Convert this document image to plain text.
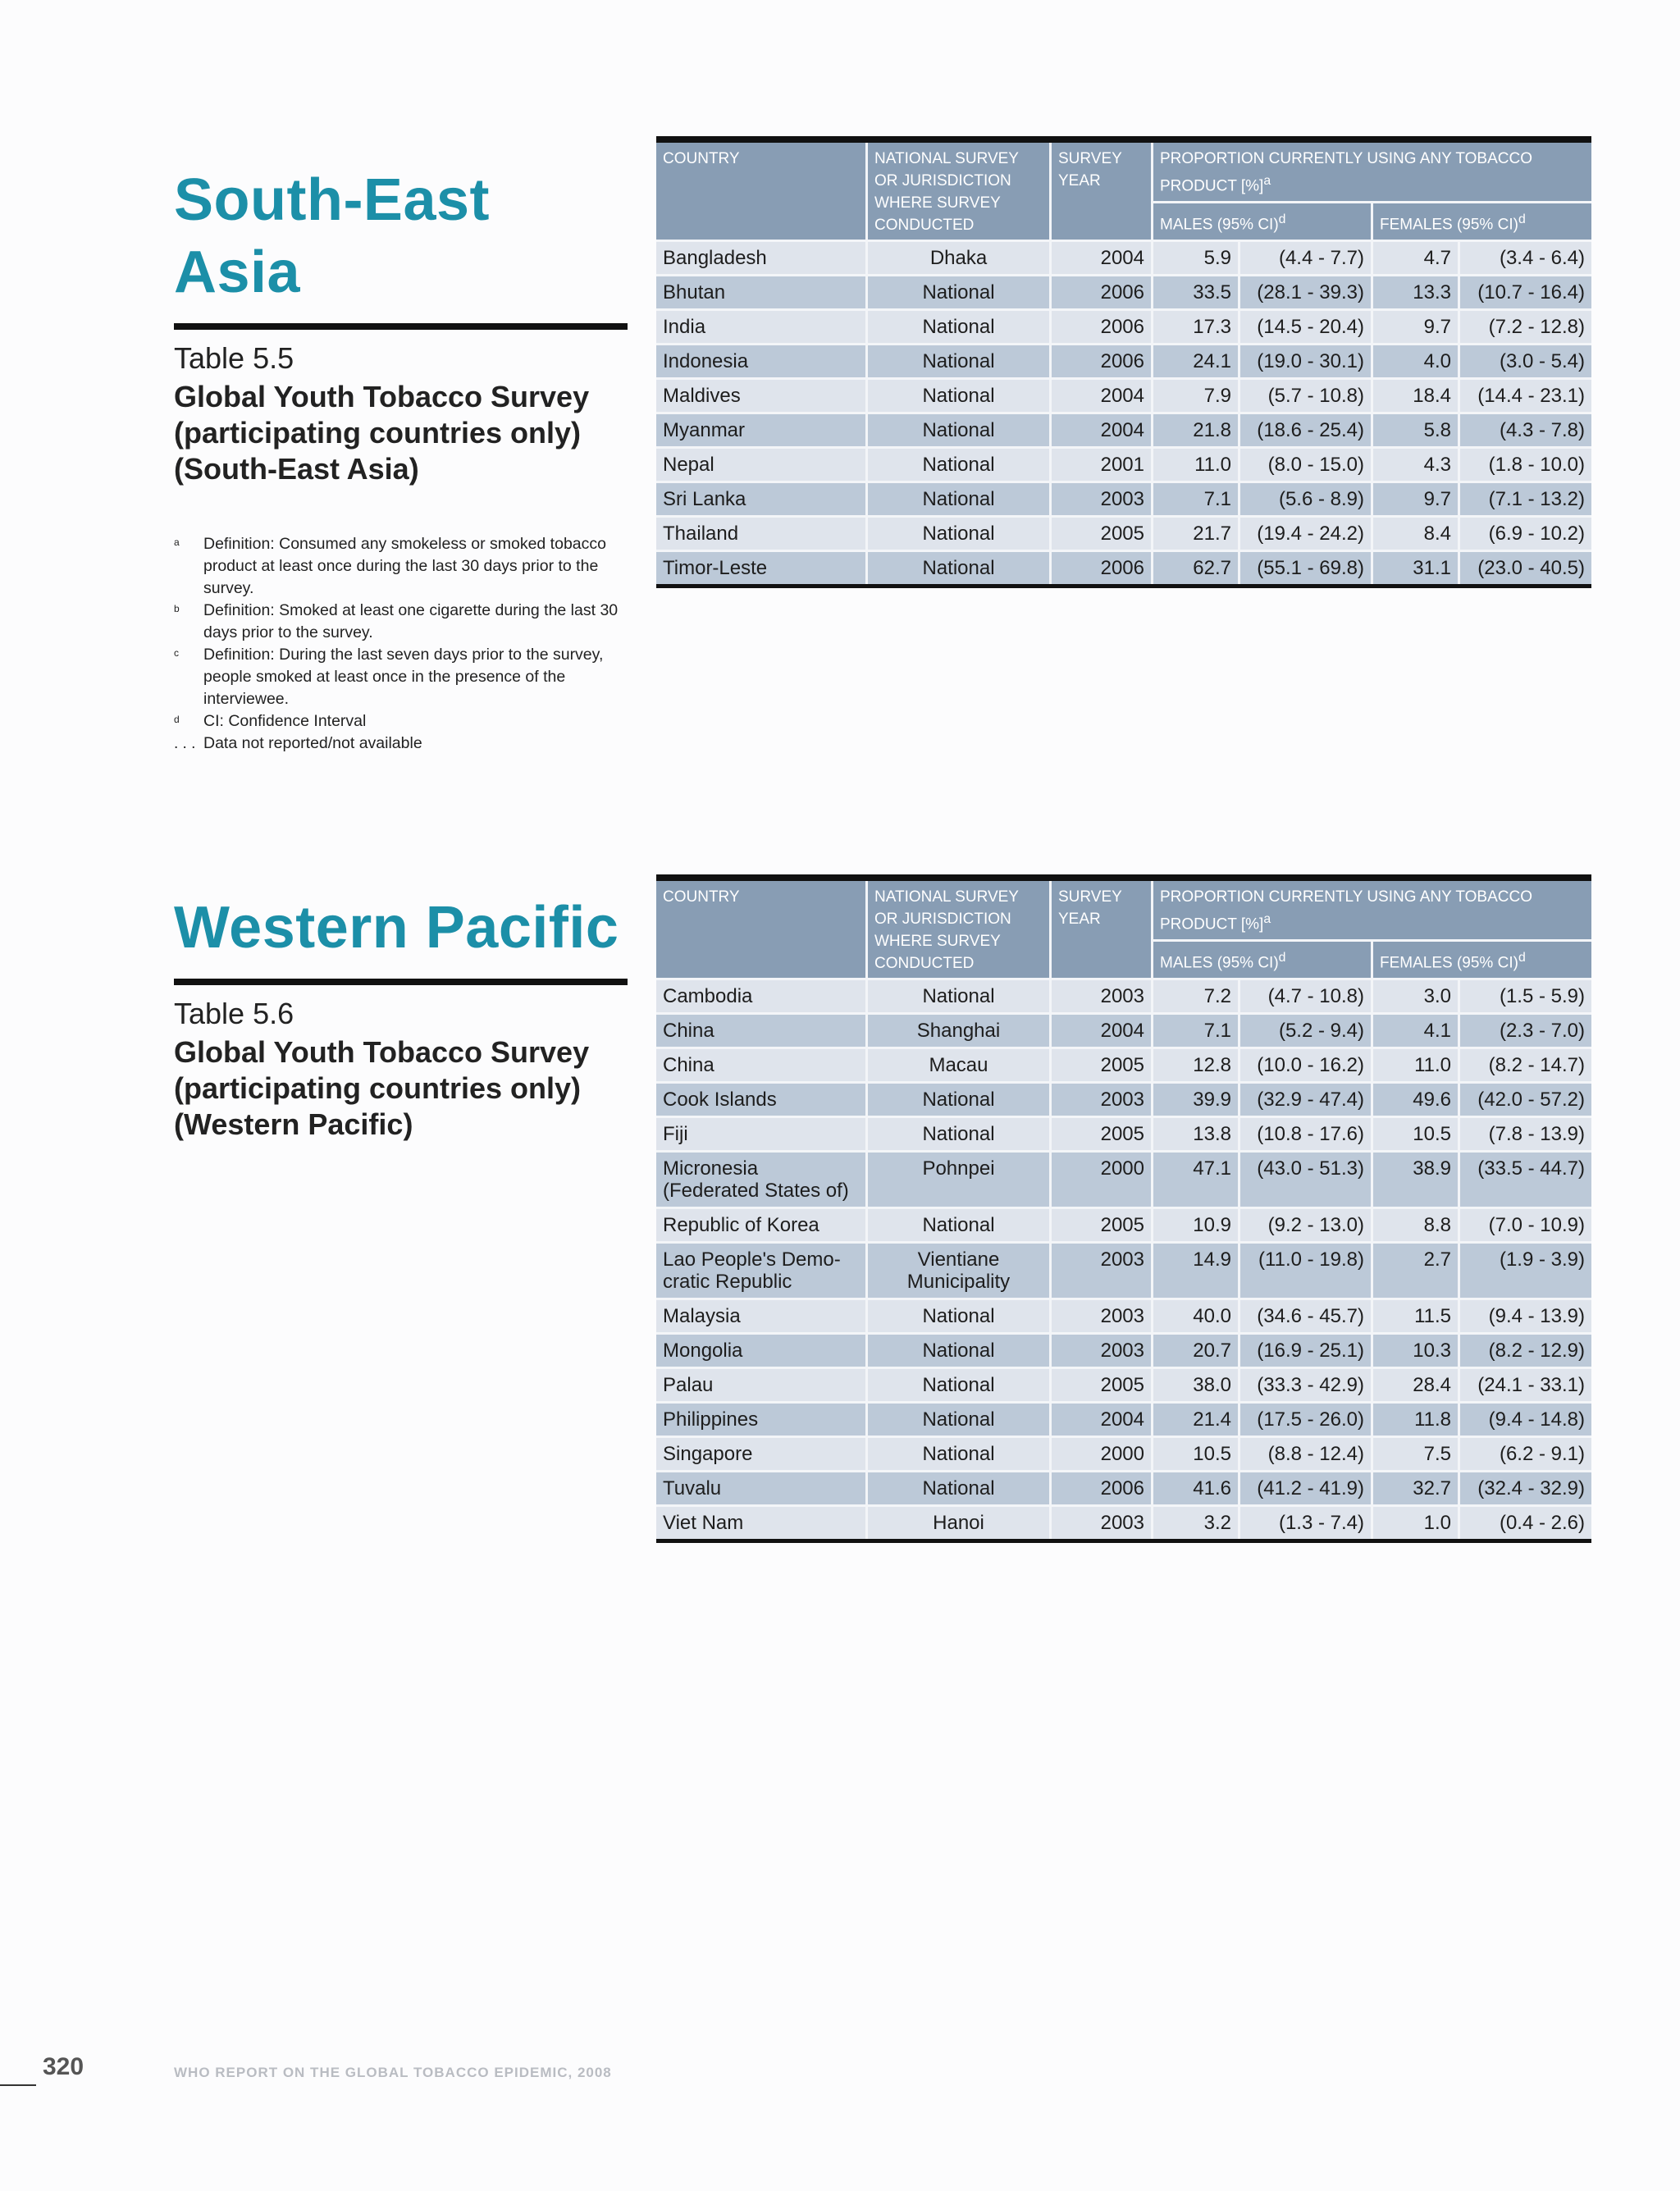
South-East
Asia
Table 5.5
Global Youth Tobacco Survey
(participating countries only)
(South-East Asia)
a	Definition: Consumed any smokeless or smoked tobacco product at least once during the last 30 days prior to the survey.
b	Definition: Smoked at least one cigarette during the last 30 days prior to the survey.
c	Definition: During the last seven days prior to the survey, people smoked at least once in the presence of the interviewee.
d	CI: Confidence Interval
. . . Data not reported/not available
COUNTRY	NATIONAL SURVEY OR JURISDICTION WHERE SURVEY CONDUCTED	SURVEY YEAR	PROPORTION CURRENTLY USING ANY TOBACCO PRODUCT [%]$^a$
			MALES (95% CI)$^d$		FEMALES (95% CI)$^d$
Bangladesh	Dhaka	2004	5.9	(4.4 - 7.7)	4.7	(3.4 - 6.4)
Bhutan	National	2006	33.5	(28.1 - 39.3)	13.3	(10.7 - 16.4)
India	National	2006	17.3	(14.5 - 20.4)	9.7	(7.2 - 12.8)
Indonesia	National	2006	24.1	(19.0 - 30.1)	4.0	(3.0 - 5.4)
Maldives	National	2004	7.9	(5.7 - 10.8)	18.4	(14.4 - 23.1)
Myanmar	National	2004	21.8	(18.6 - 25.4)	5.8	(4.3 - 7.8)
Nepal	National	2001	11.0	(8.0 - 15.0)	4.3	(1.8 - 10.0)
Sri Lanka	National	2003	7.1	(5.6 - 8.9)	9.7	(7.1 - 13.2)
Thailand	National	2005	21.7	(19.4 - 24.2)	8.4	(6.9 - 10.2)
Timor-Leste	National	2006	62.7	(55.1 - 69.8)	31.1	(23.0 - 40.5)
Western Pacific
Table 5.6
Global Youth Tobacco Survey
(participating countries only)
(Western Pacific)
COUNTRY	NATIONAL SURVEY OR JURISDICTION WHERE SURVEY CONDUCTED	SURVEY YEAR	PROPORTION CURRENTLY USING ANY TOBACCO PRODUCT [%]$^a$
			MALES (95% CI)$^d$		FEMALES (95% CI)$^d$
Cambodia	National	2003	7.2	(4.7 - 10.8)	3.0	(1.5 - 5.9)
China	Shanghai	2004	7.1	(5.2 - 9.4)	4.1	(2.3 - 7.0)
China	Macau	2005	12.8	(10.0 - 16.2)	11.0	(8.2 - 14.7)
Cook Islands	National	2003	39.9	(32.9 - 47.4)	49.6	(42.0 - 57.2)
Fiji	National	2005	13.8	(10.8 - 17.6)	10.5	(7.8 - 13.9)
Micronesia (Federated States of)	Pohnpei	2000	47.1	(43.0 - 51.3)	38.9	(33.5 - 44.7)
Republic of Korea	National	2005	10.9	(9.2 - 13.0)	8.8	(7.0 - 10.9)
Lao People's Demo-cratic Republic	Vientiane Municipality	2003	14.9	(11.0 - 19.8)	2.7	(1.9 - 3.9)
Malaysia	National	2003	40.0	(34.6 - 45.7)	11.5	(9.4 - 13.9)
Mongolia	National	2003	20.7	(16.9 - 25.1)	10.3	(8.2 - 12.9)
Palau	National	2005	38.0	(33.3 - 42.9)	28.4	(24.1 - 33.1)
Philippines	National	2004	21.4	(17.5 - 26.0)	11.8	(9.4 - 14.8)
Singapore	National	2000	10.5	(8.8 - 12.4)	7.5	(6.2 - 9.1)
Tuvalu	National	2006	41.6	(41.2 - 41.9)	32.7	(32.4 - 32.9)
Viet Nam	Hanoi	2003	3.2	(1.3 - 7.4)	1.0	(0.4 - 2.6)
320	WHO REPORT ON THE GLOBAL TOBACCO EPIDEMIC, 2008
